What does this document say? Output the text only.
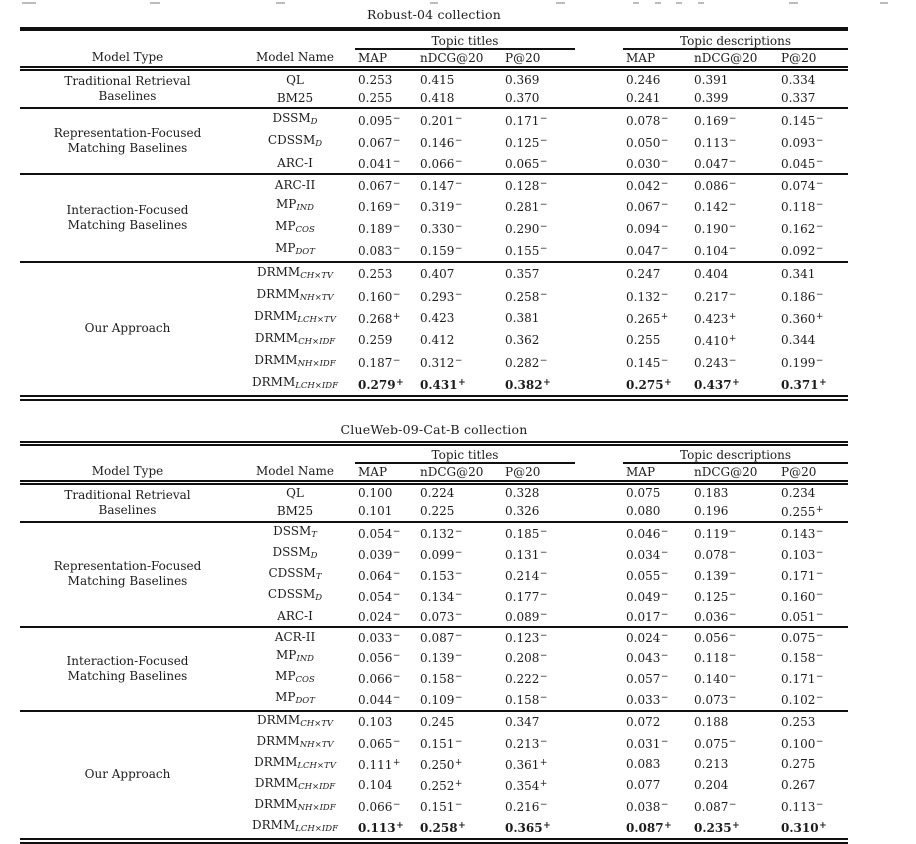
Robust-04 collection
		Topic titles				Topic descriptions		
Model Type	Model Name	MAP	nDCG@20	P@20		MAP	nDCG@20	P@20

Traditional Retrieval Baselines	QL	0.253	0.415	0.369		0.246	0.391	0.334
	BM25	0.255	0.418	0.370		0.241	0.399	0.337

Representation-Focused Matching Baselines	$DSSM_D$	0.095−	0.201−	0.171−		0.078−	0.169−	0.145−
	$CDSSM_D$	0.067−	0.146−	0.125−		0.050−	0.113−	0.093−
	ARC-I	0.041−	0.066−	0.065−		0.030−	0.047−	0.045−

Interaction-Focused Matching Baselines	ARC-II	0.067−	0.147−	0.128−		0.042−	0.086−	0.074−
	$MP_{IND}$	0.169−	0.319−	0.281−		0.067−	0.142−	0.118−
	$MP_{COS}$	0.189−	0.330−	0.290−		0.094−	0.190−	0.162−
	$MP_{DOT}$	0.083−	0.159−	0.155−		0.047−	0.104−	0.092−

Our Approach	$DRMM_{CH\times TV}$	0.253	0.407	0.357		0.247	0.404	0.341
	$DRMM_{NH\times TV}$	0.160−	0.293−	0.258−		0.132−	0.217−	0.186−
	$DRMM_{LCH\times TV}$	0.268+	0.423	0.381		0.265+	0.423+	0.360+
	$DRMM_{CH\times IDF}$	0.259	0.412	0.362		0.255	0.410+	0.344
	$DRMM_{NH\times IDF}$	0.187−	0.312−	0.282−		0.145−	0.243−	0.199−
	$DRMM_{LCH\times IDF}$	0.279+	0.431+	0.382+		0.275+	0.437+	0.371+
ClueWeb-09-Cat-B collection
		Topic titles				Topic descriptions		
Model Type	Model Name	MAP	nDCG@20	P@20		MAP	nDCG@20	P@20

Traditional Retrieval Baselines	QL	0.100	0.224	0.328		0.075	0.183	0.234
	BM25	0.101	0.225	0.326		0.080	0.196	0.255+

Representation-Focused Matching Baselines	$DSSM_T$	0.054−	0.132−	0.185−		0.046−	0.119−	0.143−
	$DSSM_D$	0.039−	0.099−	0.131−		0.034−	0.078−	0.103−
	$CDSSM_T$	0.064−	0.153−	0.214−		0.055−	0.139−	0.171−
	$CDSSM_D$	0.054−	0.134−	0.177−		0.049−	0.125−	0.160−
	ARC-I	0.024−	0.073−	0.089−		0.017−	0.036−	0.051−

Interaction-Focused Matching Baselines	ACR-II	0.033−	0.087−	0.123−		0.024−	0.056−	0.075−
	$MP_{IND}$	0.056−	0.139−	0.208−		0.043−	0.118−	0.158−
	$MP_{COS}$	0.066−	0.158−	0.222−		0.057−	0.140−	0.171−
	$MP_{DOT}$	0.044−	0.109−	0.158−		0.033−	0.073−	0.102−

Our Approach	$DRMM_{CH\times TV}$	0.103	0.245	0.347		0.072	0.188	0.253
	$DRMM_{NH\times TV}$	0.065−	0.151−	0.213−		0.031−	0.075−	0.100−
	$DRMM_{LCH\times TV}$	0.111+	0.250+	0.361+		0.083	0.213	0.275
	$DRMM_{CH\times IDF}$	0.104	0.252+	0.354+		0.077	0.204	0.267
	$DRMM_{NH\times IDF}$	0.066−	0.151−	0.216−		0.038−	0.087−	0.113−
	$DRMM_{LCH\times IDF}$	0.113+	0.258+	0.365+		0.087+	0.235+	0.310+
